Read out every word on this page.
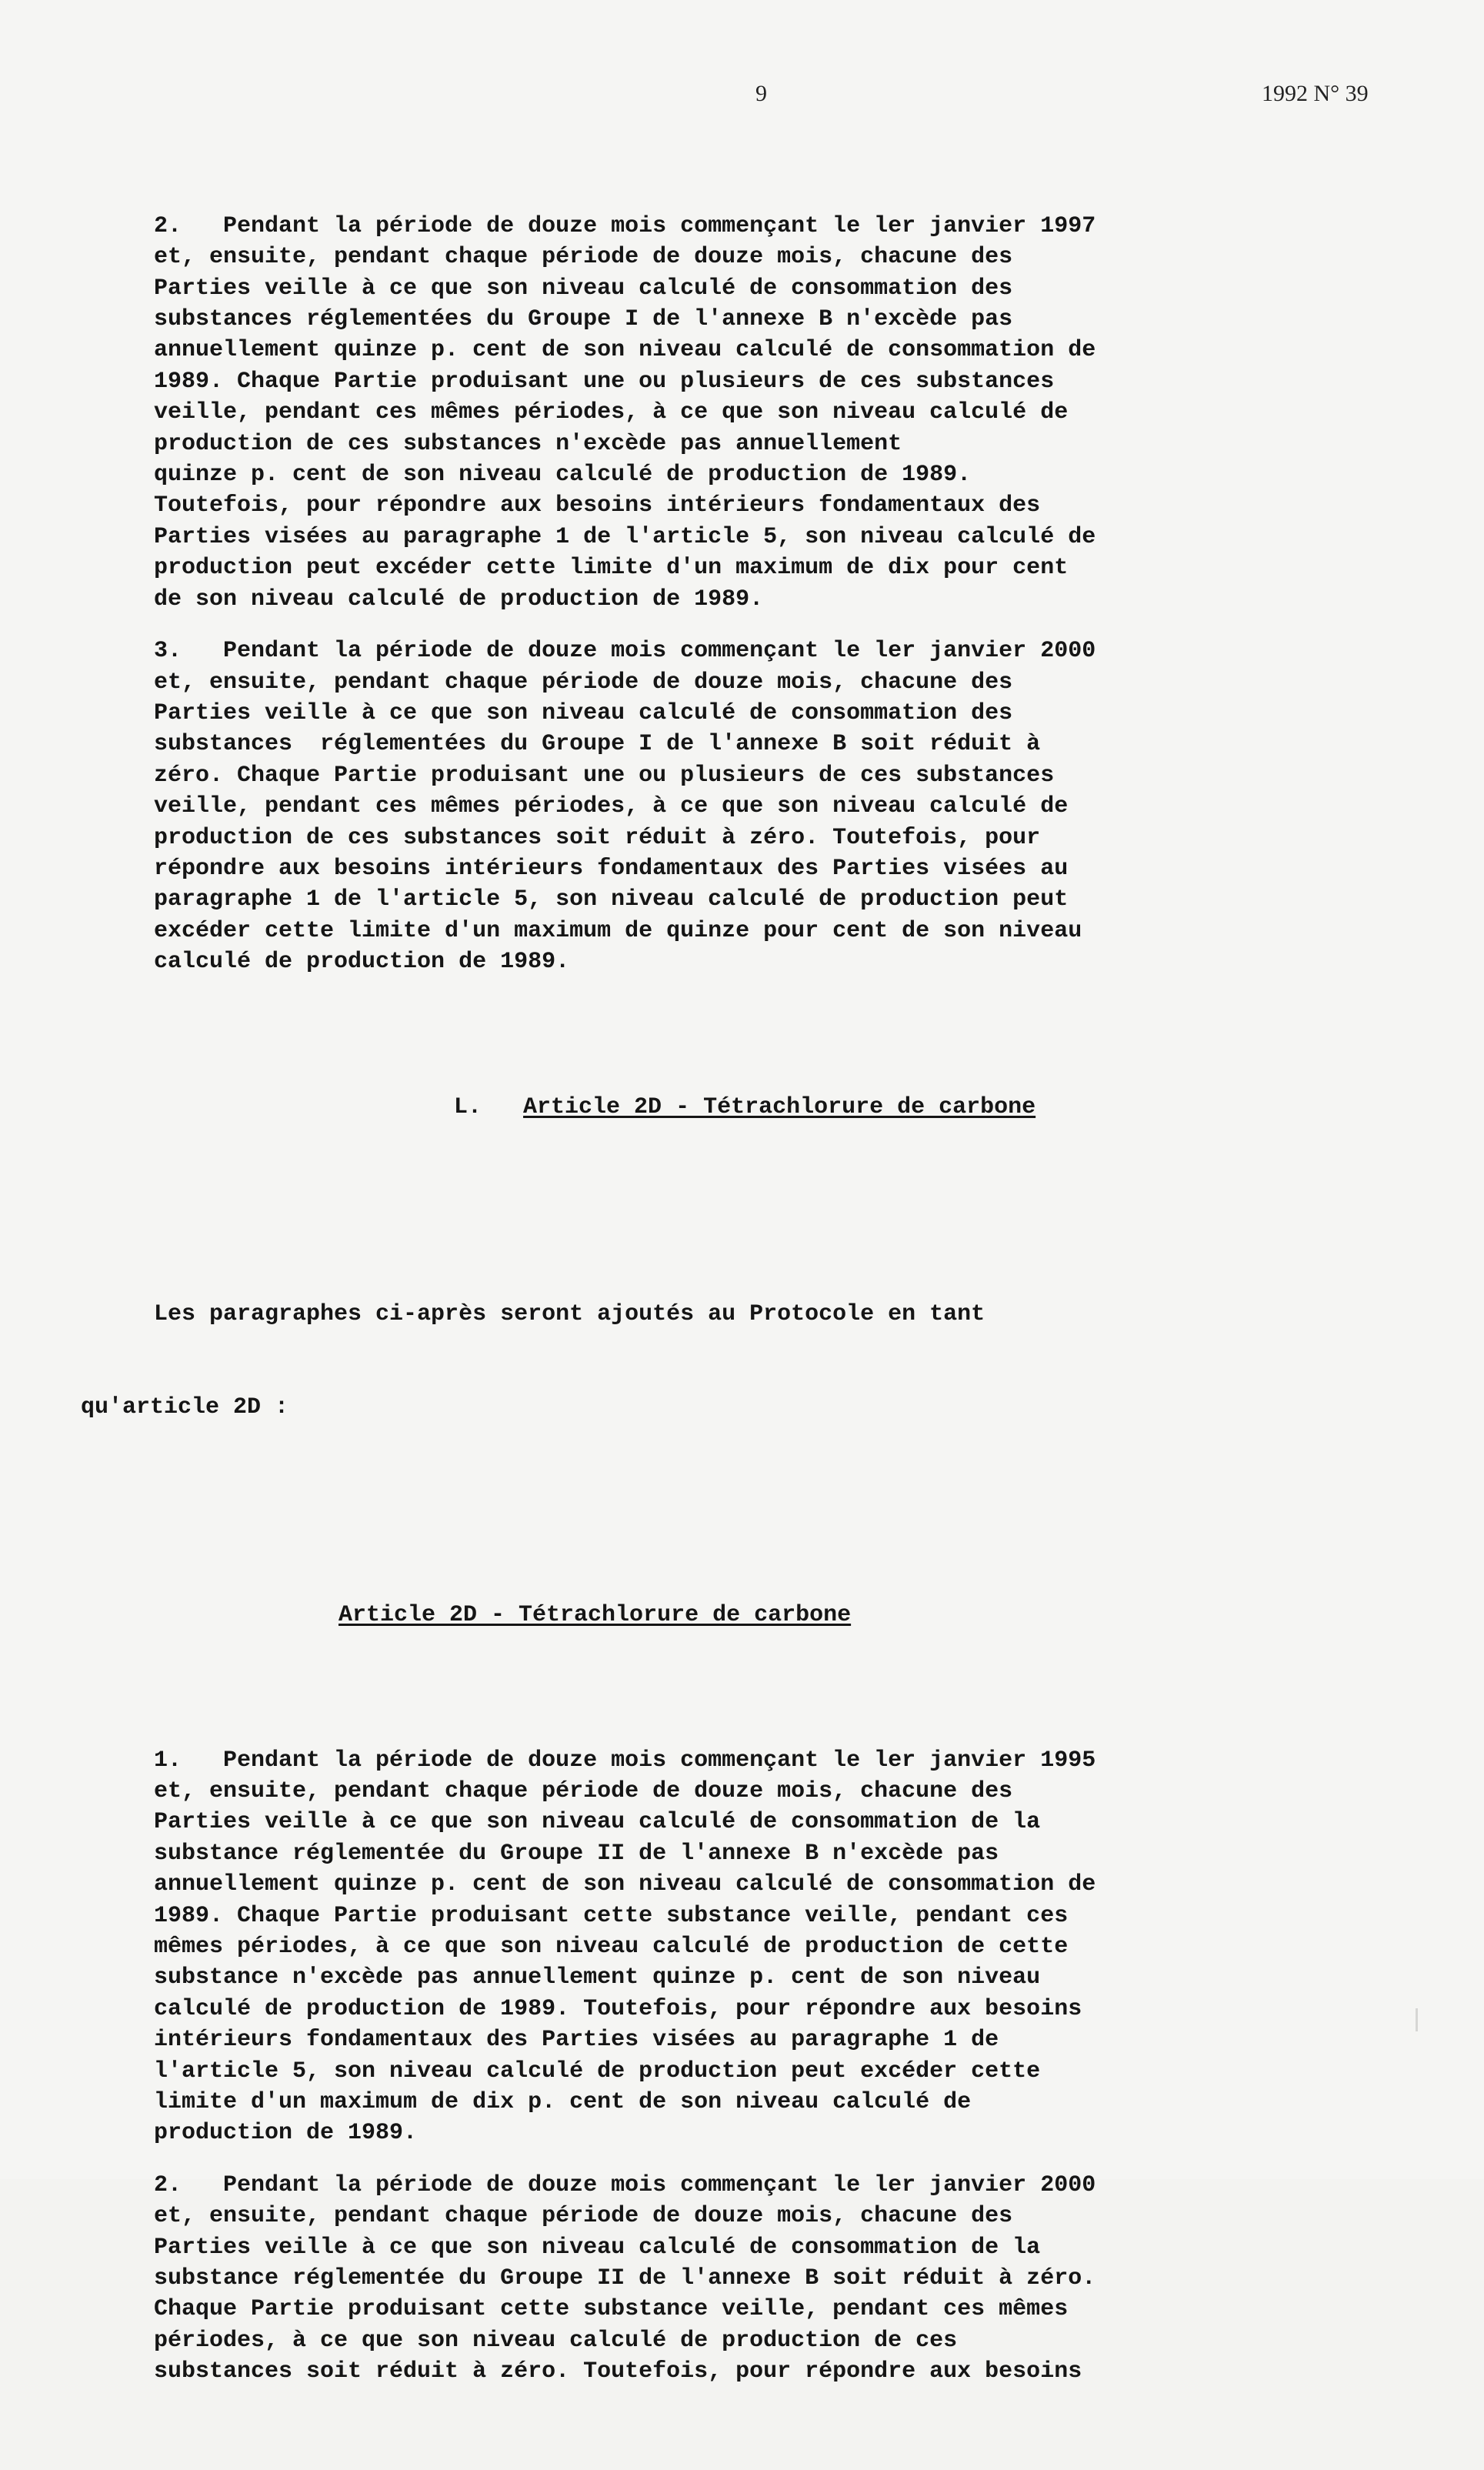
9	1992 N° 39

2.   Pendant la période de douze mois commençant le ler janvier 1997
et, ensuite, pendant chaque période de douze mois, chacune des
Parties veille à ce que son niveau calculé de consommation des
substances réglementées du Groupe I de l'annexe B n'excède pas
annuellement quinze p. cent de son niveau calculé de consommation de
1989. Chaque Partie produisant une ou plusieurs de ces substances
veille, pendant ces mêmes périodes, à ce que son niveau calculé de
production de ces substances n'excède pas annuellement
quinze p. cent de son niveau calculé de production de 1989.
Toutefois, pour répondre aux besoins intérieurs fondamentaux des
Parties visées au paragraphe 1 de l'article 5, son niveau calculé de
production peut excéder cette limite d'un maximum de dix pour cent
de son niveau calculé de production de 1989.
3.   Pendant la période de douze mois commençant le ler janvier 2000
et, ensuite, pendant chaque période de douze mois, chacune des
Parties veille à ce que son niveau calculé de consommation des
substances  réglementées du Groupe I de l'annexe B soit réduit à
zéro. Chaque Partie produisant une ou plusieurs de ces substances
veille, pendant ces mêmes périodes, à ce que son niveau calculé de
production de ces substances soit réduit à zéro. Toutefois, pour
répondre aux besoins intérieurs fondamentaux des Parties visées au
paragraphe 1 de l'article 5, son niveau calculé de production peut
excéder cette limite d'un maximum de quinze pour cent de son niveau
calculé de production de 1989.

L. Article 2D - Tétrachlorure de carbone

Les paragraphes ci-après seront ajoutés au Protocole en tant

qu'article 2D :

Article 2D - Tétrachlorure de carbone

1.   Pendant la période de douze mois commençant le ler janvier 1995
et, ensuite, pendant chaque période de douze mois, chacune des
Parties veille à ce que son niveau calculé de consommation de la
substance réglementée du Groupe II de l'annexe B n'excède pas
annuellement quinze p. cent de son niveau calculé de consommation de
1989. Chaque Partie produisant cette substance veille, pendant ces
mêmes périodes, à ce que son niveau calculé de production de cette
substance n'excède pas annuellement quinze p. cent de son niveau
calculé de production de 1989. Toutefois, pour répondre aux besoins
intérieurs fondamentaux des Parties visées au paragraphe 1 de
l'article 5, son niveau calculé de production peut excéder cette
limite d'un maximum de dix p. cent de son niveau calculé de
production de 1989.
2.   Pendant la période de douze mois commençant le ler janvier 2000
et, ensuite, pendant chaque période de douze mois, chacune des
Parties veille à ce que son niveau calculé de consommation de la
substance réglementée du Groupe II de l'annexe B soit réduit à zéro.
Chaque Partie produisant cette substance veille, pendant ces mêmes
périodes, à ce que son niveau calculé de production de ces
substances soit réduit à zéro. Toutefois, pour répondre aux besoins
